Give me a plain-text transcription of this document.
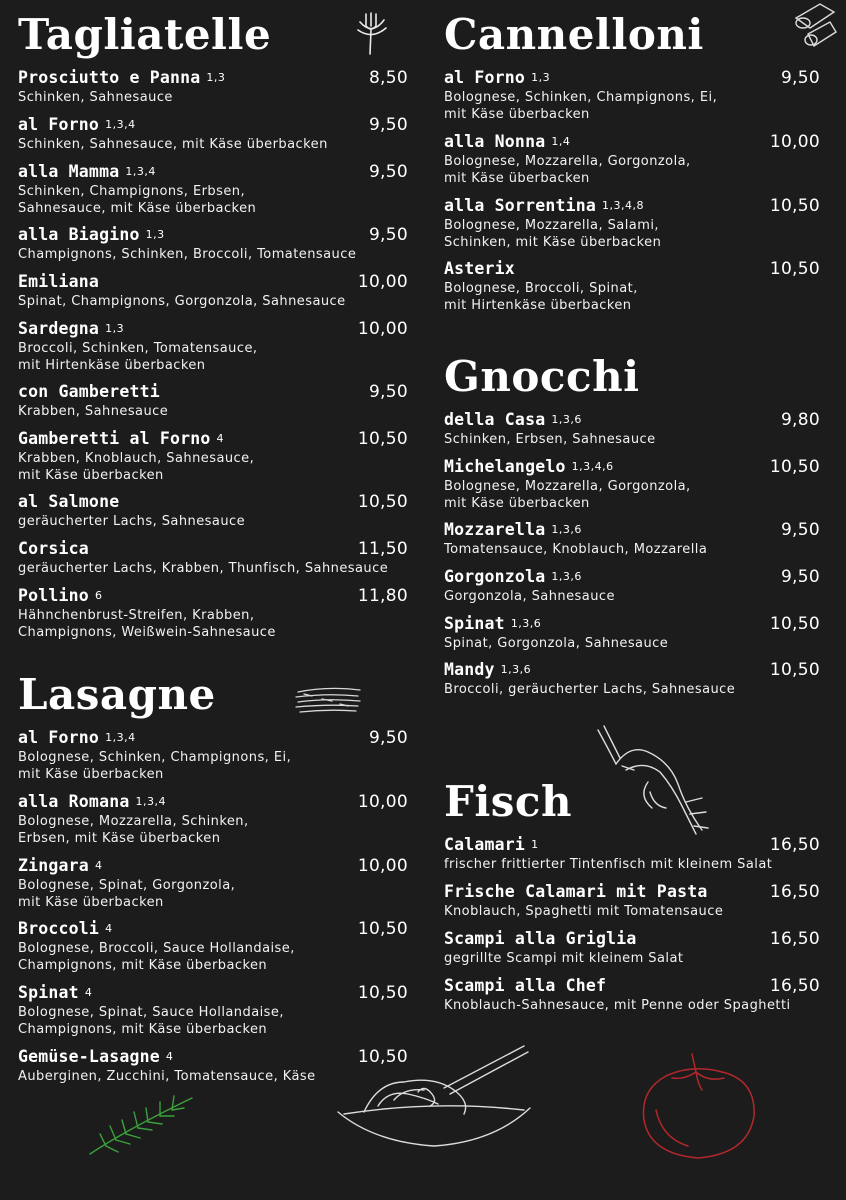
Tagliatelle
Lasagne
Prosciutto e Panna 1,3	8,50
Schinken, Sahnesauce
al Forno 1,3,4	9,50
Schinken, Sahnesauce, mit Käse überbacken
alla Mamma 1,3,4	9,50
Schinken, Champignons, Erbsen,
Sahnesauce, mit Käse überbacken
alla Biagino 1,3	9,50
Champignons, Schinken, Broccoli, Tomatensauce
Emiliana	10,00
Spinat, Champignons, Gorgonzola, Sahnesauce
Sardegna 1,3	10,00
Broccoli, Schinken, Tomatensauce,
mit Hirtenkäse überbacken
con Gamberetti	9,50
Krabben, Sahnesauce
Gamberetti al Forno 4	10,50
Krabben, Knoblauch, Sahnesauce,
mit Käse überbacken
al Salmone	10,50
geräucherter Lachs, Sahnesauce
Corsica	11,50
geräucherter Lachs, Krabben, Thunfisch, Sahnesauce
Pollino 6	11,80
Hähnchenbrust-Streifen, Krabben,
Champignons, Weißwein-Sahnesauce
al Forno 1,3,4	9,50
Bolognese, Schinken, Champignons, Ei,
mit Käse überbacken
alla Romana 1,3,4	10,00
Bolognese, Mozzarella, Schinken,
Erbsen, mit Käse überbacken
Zingara 4	10,00
Bolognese, Spinat, Gorgonzola,
mit Käse überbacken
Broccoli 4	10,50
Bolognese, Broccoli, Sauce Hollandaise,
Champignons, mit Käse überbacken
Spinat 4	10,50
Bolognese, Spinat, Sauce Hollandaise,
Champignons, mit Käse überbacken
Gemüse-Lasagne 4	10,50
Auberginen, Zucchini, Tomatensauce, Käse
Cannelloni
Gnocchi
Fisch
al Forno 1,3	9,50
Bolognese, Schinken, Champignons, Ei,
mit Käse überbacken
alla Nonna 1,4	10,00
Bolognese, Mozzarella, Gorgonzola,
mit Käse überbacken
alla Sorrentina 1,3,4,8	10,50
Bolognese, Mozzarella, Salami,
Schinken, mit Käse überbacken
Asterix	10,50
Bolognese, Broccoli, Spinat,
mit Hirtenkäse überbacken
della Casa 1,3,6	9,80
Schinken, Erbsen, Sahnesauce
Michelangelo 1,3,4,6	10,50
Bolognese, Mozzarella, Gorgonzola,
mit Käse überbacken
Mozzarella 1,3,6	9,50
Tomatensauce, Knoblauch, Mozzarella
Gorgonzola 1,3,6	9,50
Gorgonzola, Sahnesauce
Spinat 1,3,6	10,50
Spinat, Gorgonzola, Sahnesauce
Mandy 1,3,6	10,50
Broccoli, geräucherter Lachs, Sahnesauce
Calamari 1	16,50
frischer frittierter Tintenfisch mit kleinem Salat
Frische Calamari mit Pasta	16,50
Knoblauch, Spaghetti mit Tomatensauce
Scampi alla Griglia	16,50
gegrillte Scampi mit kleinem Salat
Scampi alla Chef	16,50
Knoblauch-Sahnesauce, mit Penne oder Spaghetti
